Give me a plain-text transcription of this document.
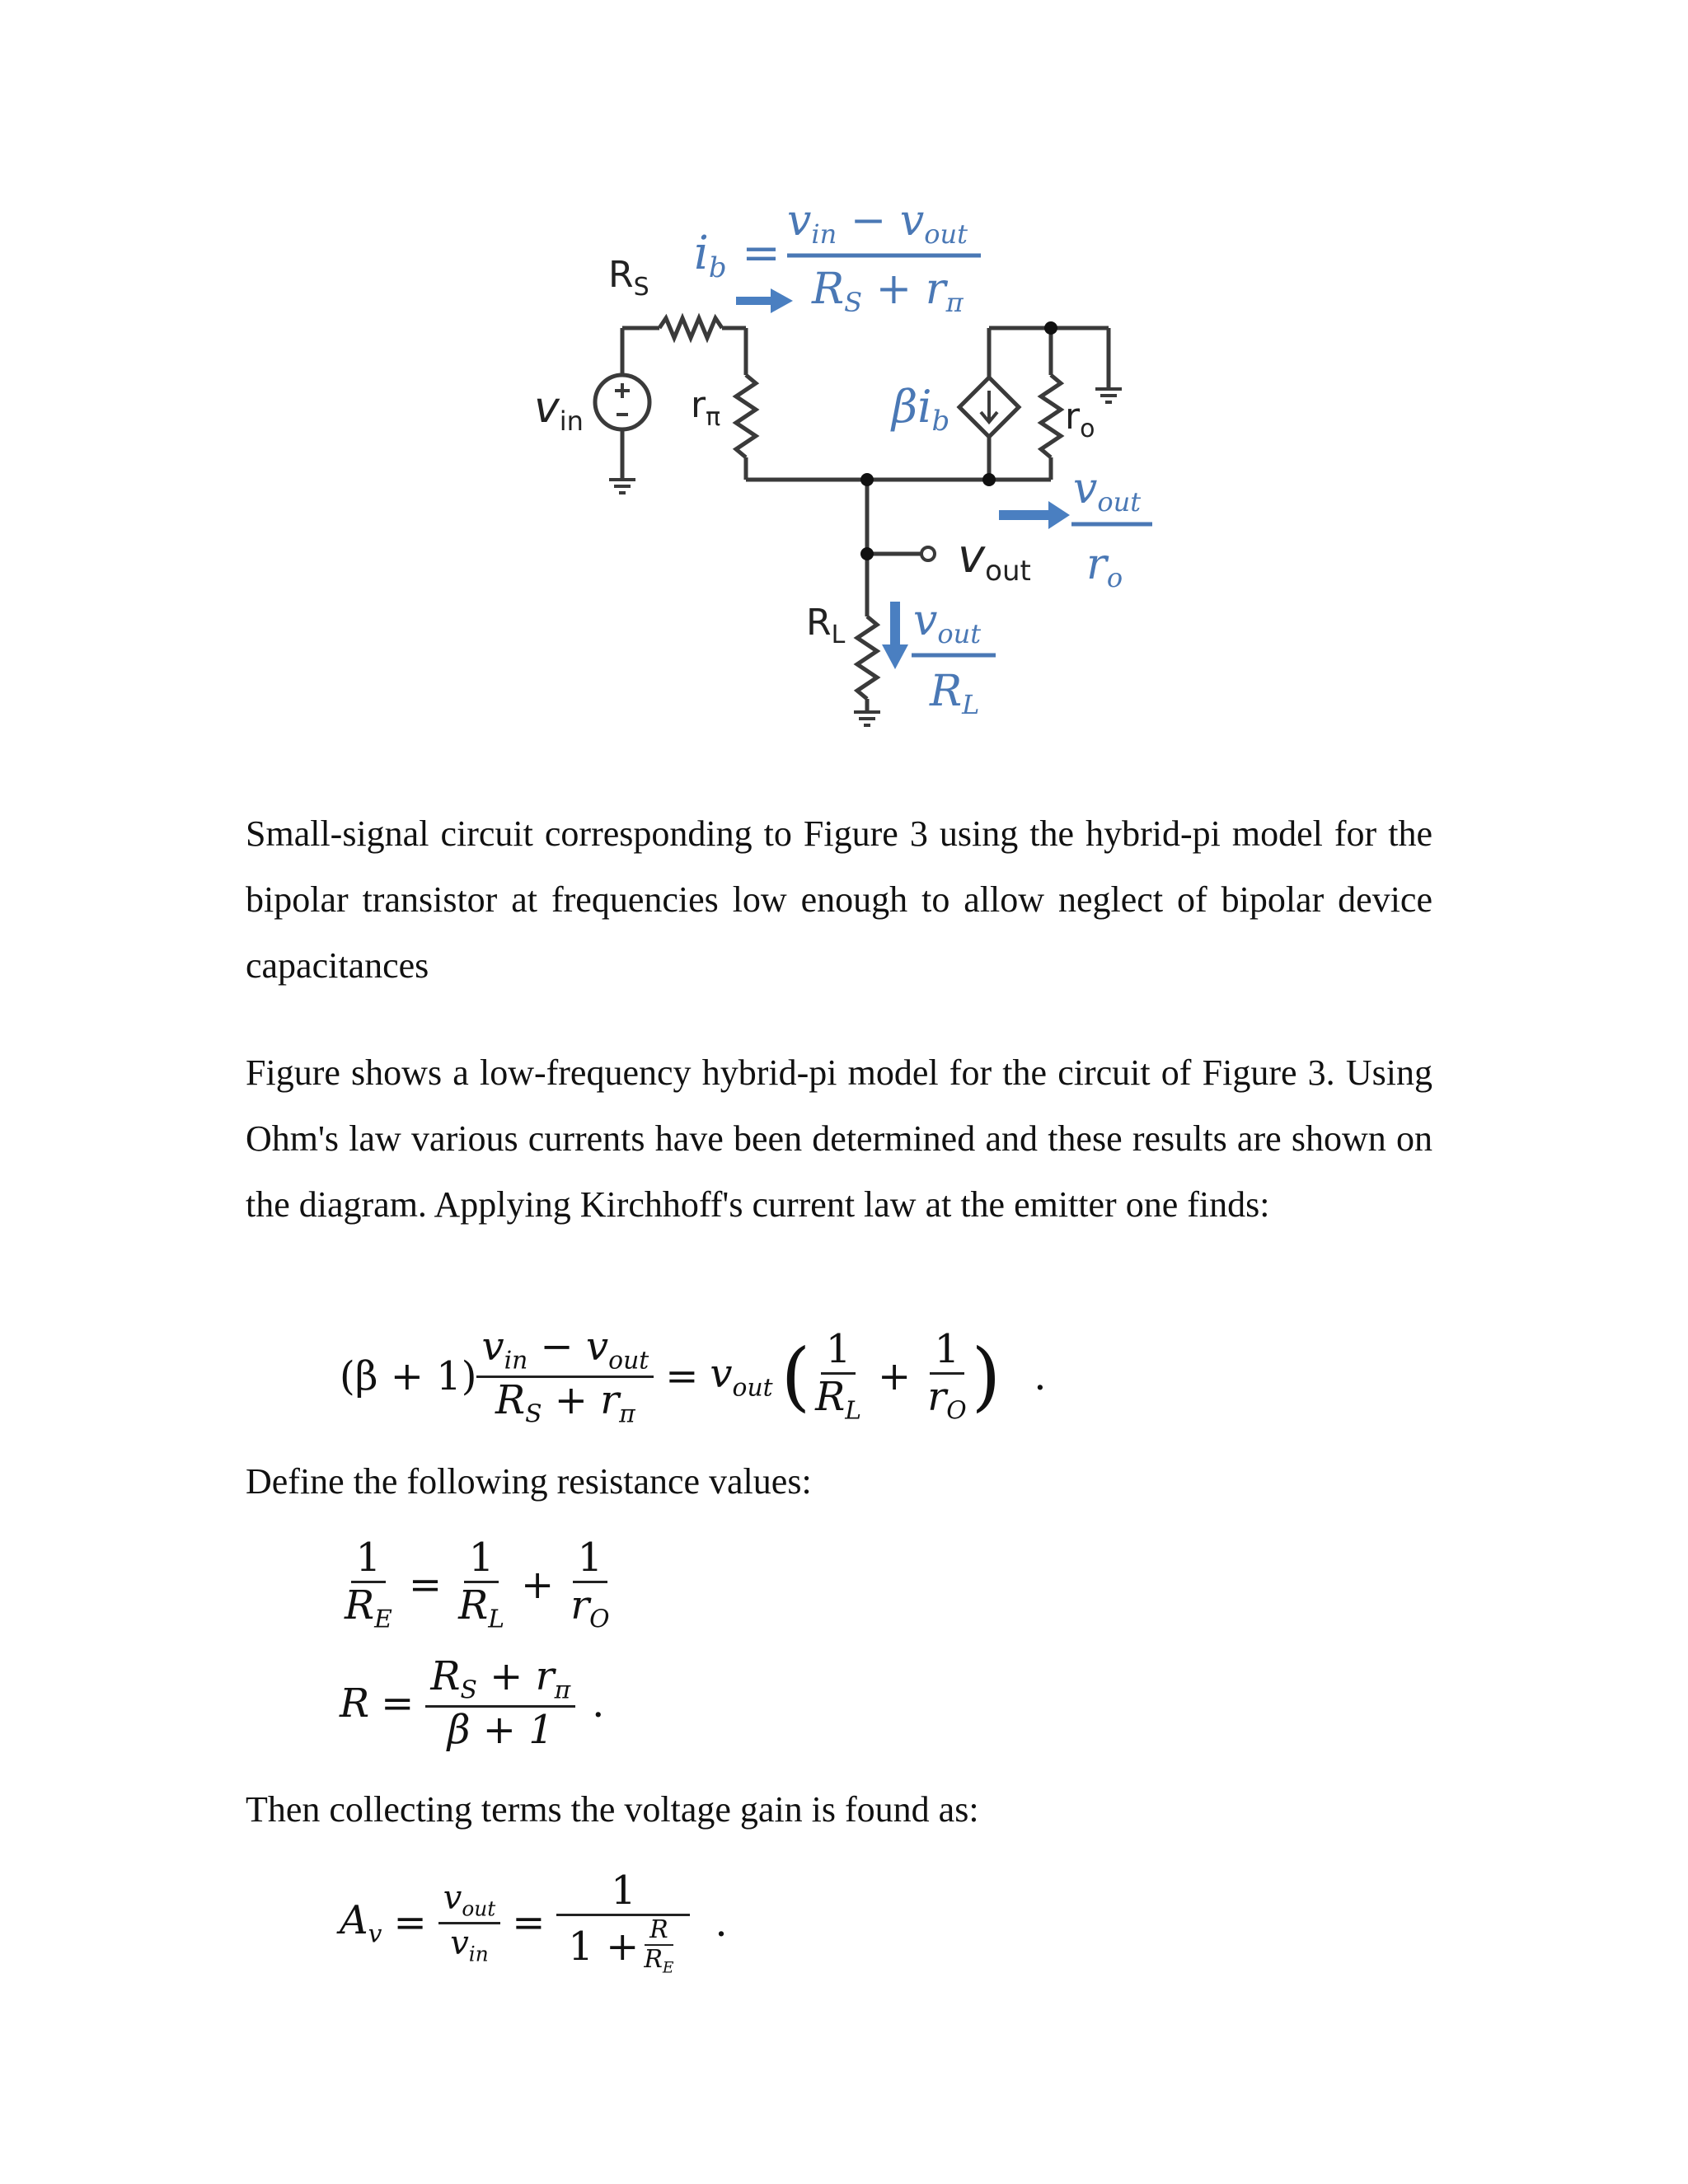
$R_S$
$r_\pi$
vin	$r_o$
$R_L$
vout
βib
ib =
vin − vout
RS + rπ
vout
ro
vout
RL
Small-signal circuit corresponding to Figure 3 using the hybrid-pi model for the bipolar transistor at frequencies low enough to allow neglect of bipolar device capacitances
Figure shows a low-frequency hybrid-pi model for the circuit of Figure 3. Using Ohm's law various currents have been determined and these results are shown on the diagram. Applying Kirchhoff's current law at the emitter one finds:
$(\beta + 1) \frac{v_{in} - v_{out}}{R_S + r_\pi} = v_{out}$ ( $\frac{1}{R_L} + \frac{1}{r_O}$ ) .
Define the following resistance values:
$\frac{1}{R_E} = \frac{1}{R_L} + \frac{1}{r_O}$
$R = \frac{R_S + r_\pi}{\beta + 1}$ .
Then collecting terms the voltage gain is found as:
$A_v = \frac{v_{out}}{v_{in}} = \frac{1}{1 + \frac{R}{R_E}}$ .
